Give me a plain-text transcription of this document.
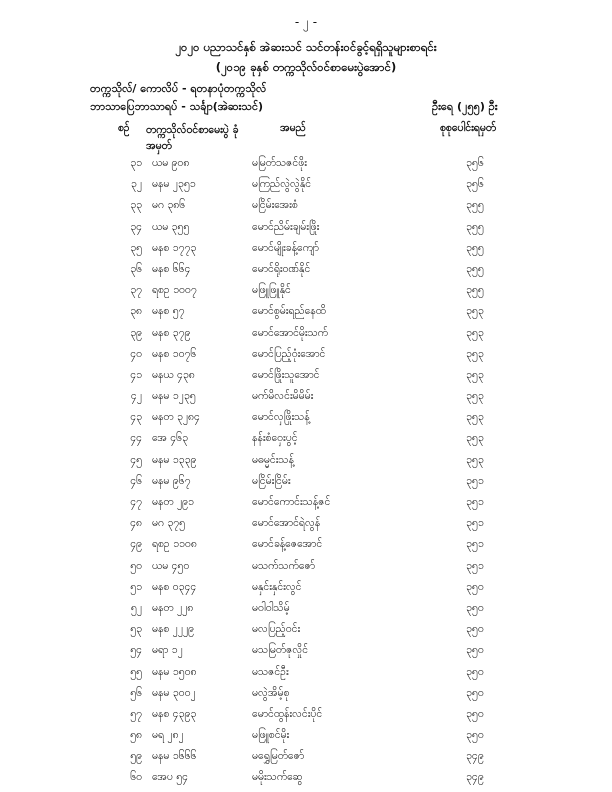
- ၂ -
၂၀၂၀ ပညာသင်နှစ် အဲဆးသင် သင်တန်းဝင်ခွင့်ရရှိသူများစာရင်း
(၂၀၁၉ ခုနှစ် တက္ကသိုလ်ဝင်စာမေးပွဲအောင်)
တက္ကသိုလ်/ ကောလိပ် - ရတနာပုံတက္ကသိုလ်
ဘာသာပြေဘာသာရပ် - သင်္ချာ(အဲဆးသင်)	ဦးရေ (၂၅၅) ဦး
စဉ် တက္ကသိုလ်ဝင်စာမေးပွဲ ခုံအမှတ်
အမည်	စုစုပေါင်းရမှတ်
၃၁ ယမ ၉၀၈	မမြတ်သဇင်ဖိုး	၃၅၆
၃၂ မနမ ၂၃၅၁	မကြည်လွဲလွဲနိုင်	၃၅၆
၃၃ မဂ ၃၈၆	မငြိမ်းအေးစံ	၃၅၅
၃၄ ယမ ၃၅၅	မောင်ညိမ်းချမ်းဖြိုး	၃၅၅
၃၅ မနစ ၁၇၇၃	မောင်မျိုးခန့်ကျော်	၃၅၅
၃၆ မနစ ၆၆၄	မောင်ရိုးဝဏ်နိုင်	၃၅၅
၃၇ ရစဥ ၁၀၀၇	မဖြူဖြူနိုင်	၃၅၅
၃၈ မနစ ၅၇	မောင်စွမ်းရည်နေထိ	၃၅၃
၃၉ မနစ ၃၇၉	မောင်အောင်မိုးသက်	၃၅၃
၄၀ မနစ ၁၀၇၆	မောင်ပြည့်ဝုံးအောင်	၃၅၃
၄၁ မနယ ၄၃၈	မောင်ဖြိုးသူအောင်	၃၅၃
၄၂ မနမ ၁၂၃၅	မက်မိလင်းမိမိမ်း	၃၅၃
၄၃ မနတ ၃၂၈၄	မောင်လှဖြိုးသန့်	၃၅၃
၄၄ အေ ၄၆၃	နန်းစံဝှေးပွင့်	၃၅၃
၄၅ မနမ ၁၃၃၉	မဓမ္မင်းသန့်	၃၅၃
၄၆ မနမ ၉၆၇	မငြိမ်းငြိမ်း	၃၅၁
၄၇ မနတ ၂၉၁	မောင်ကောင်းသန့်ဇင်	၃၅၁
၄၈ မဂ ၃၇၅	မောင်အောင်ရဲလွန်	၃၅၁
၄၉ ရစဥ ၁၁၀၈	မောင်ခန့်ဇေအောင်	၃၅၁
၅၀ ယမ ၄၅၀	မသက်သက်ဇော်	၃၅၁
၅၁ မနစ ၀၃၄၄	မနှင်းနှင်းလွင်	၃၅၀
၅၂ မနတ ၂၂၈	မဝါဝါသိမ့်	၃၅၀
၅၃ မနစ ၂၂၂၉	မလပြည့်ဝင်း	၃၅၀
၅၄ မရာ ၁၂	မသမြတ်ဇုလှိုင်	၃၅၀
၅၅ မနမ ၁၅၀၈	မသဇင်ဦး	၃၅၀
၅၆ မနမ ၃၀၀၂	မလွဲအိမ့်စု	၃၅၀
၅၇ မနစ ၄၃၉၃	မောင်ထွန်းလင်းပိုင်	၃၅၀
၅၈ မရ ၂၈၂	မဖြူစင်မိုး	၃၅၀
၅၉ မနမ ၁၆၆၆	မရွှေမြတ်ဇော်	၃၄၉
၆၀ အေပ ၅၄	မမိုးသက်ဆွေ	၃၄၉
